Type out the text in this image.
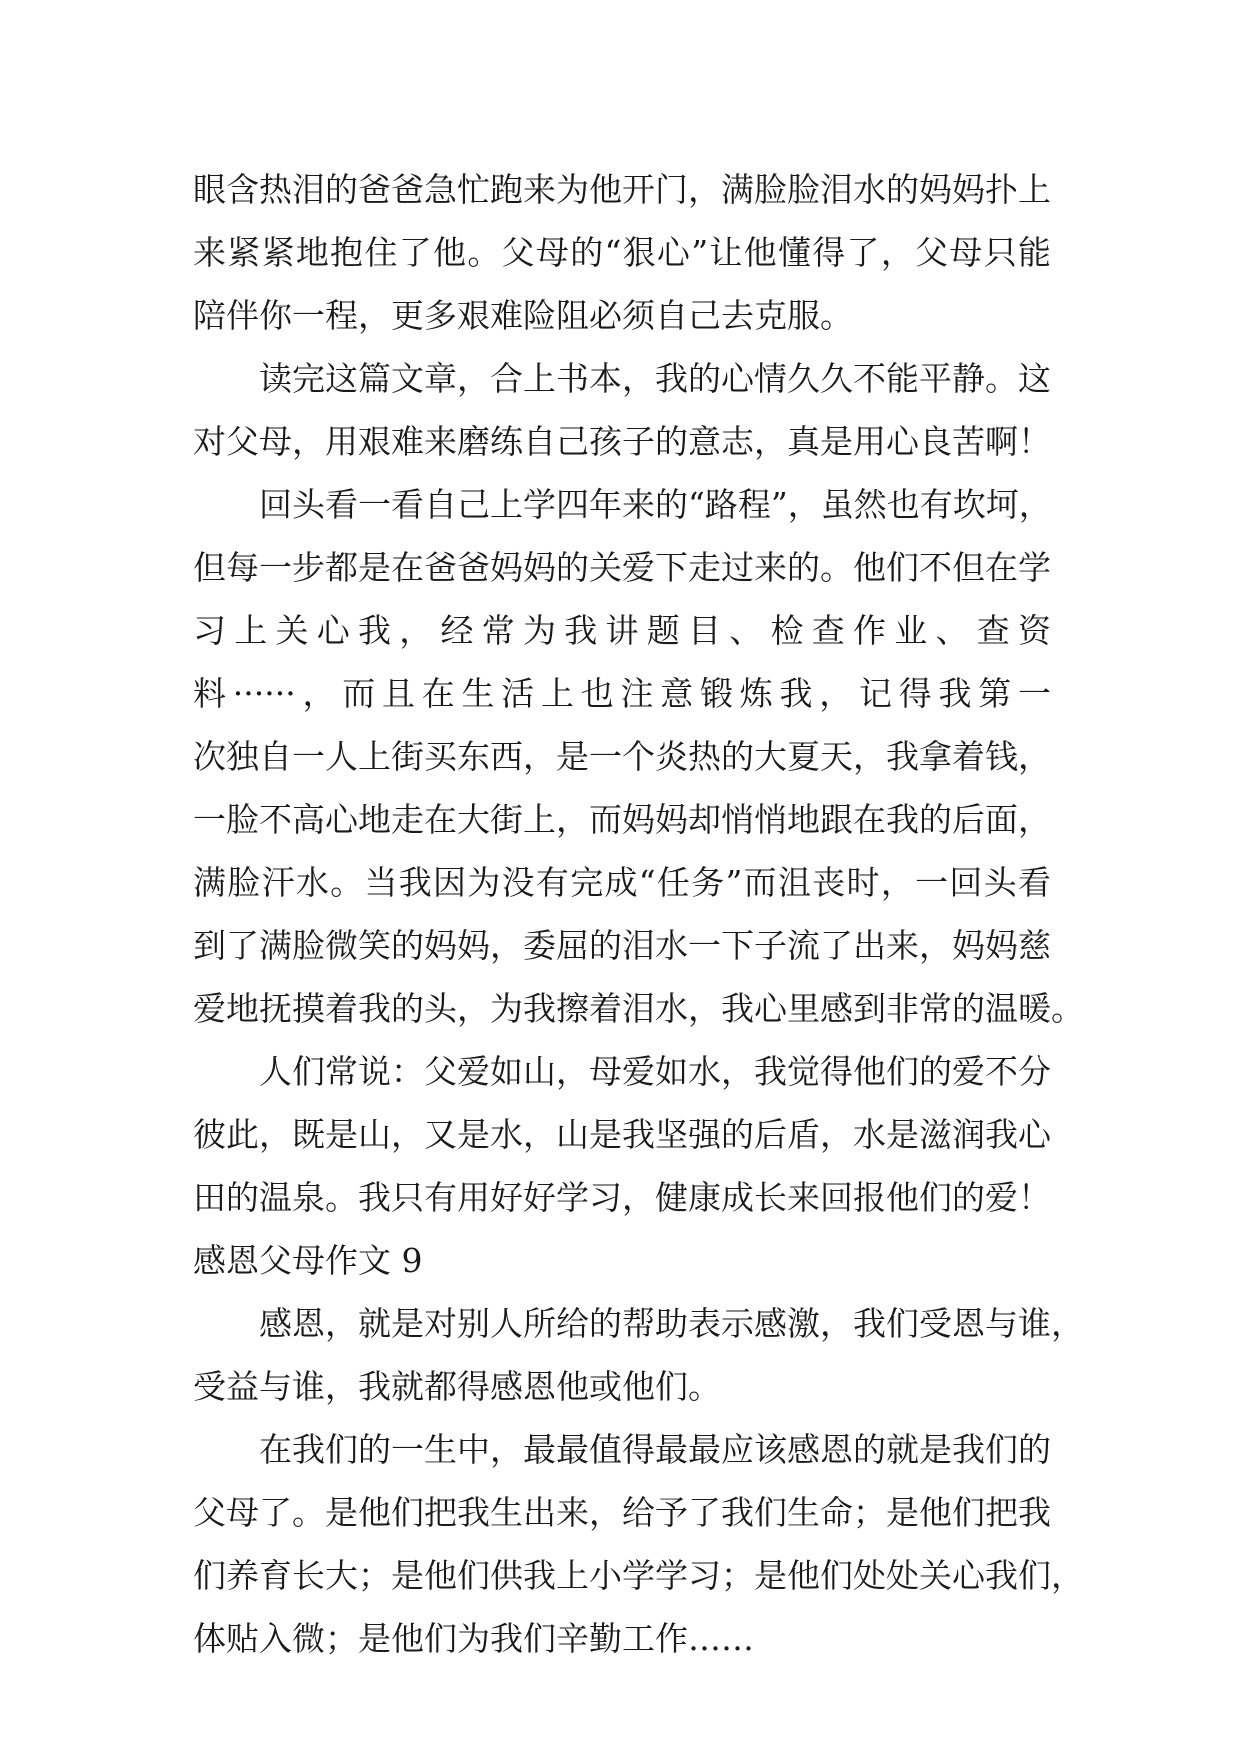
眼含热泪的爸爸急忙跑来为他开门，满脸脸泪水的妈妈扑上
来紧紧地抱住了他。父母的“狠心”让他懂得了，父母只能
陪伴你一程，更多艰难险阻必须自己去克服。
读完这篇文章，合上书本，我的心情久久不能平静。这
对父母，用艰难来磨练自己孩子的意志，真是用心良苦啊！
回头看一看自己上学四年来的“路程”，虽然也有坎坷，
但每一步都是在爸爸妈妈的关爱下走过来的。他们不但在学
习上关心我，经常为我讲题目、检查作业、查资
料······，而且在生活上也注意锻炼我，记得我第一
次独自一人上街买东西，是一个炎热的大夏天，我拿着钱，
一脸不高心地走在大街上，而妈妈却悄悄地跟在我的后面，
满脸汗水。当我因为没有完成“任务”而沮丧时，一回头看
到了满脸微笑的妈妈，委屈的泪水一下子流了出来，妈妈慈
爱地抚摸着我的头，为我擦着泪水，我心里感到非常的温暖。
人们常说：父爱如山，母爱如水，我觉得他们的爱不分
彼此，既是山，又是水，山是我坚强的后盾，水是滋润我心
田的温泉。我只有用好好学习，健康成长来回报他们的爱！
感恩父母作文 9
感恩，就是对别人所给的帮助表示感激，我们受恩与谁，
受益与谁，我就都得感恩他或他们。
在我们的一生中，最最值得最最应该感恩的就是我们的
父母了。是他们把我生出来，给予了我们生命；是他们把我
们养育长大；是他们供我上小学学习；是他们处处关心我们，
体贴入微；是他们为我们辛勤工作……
